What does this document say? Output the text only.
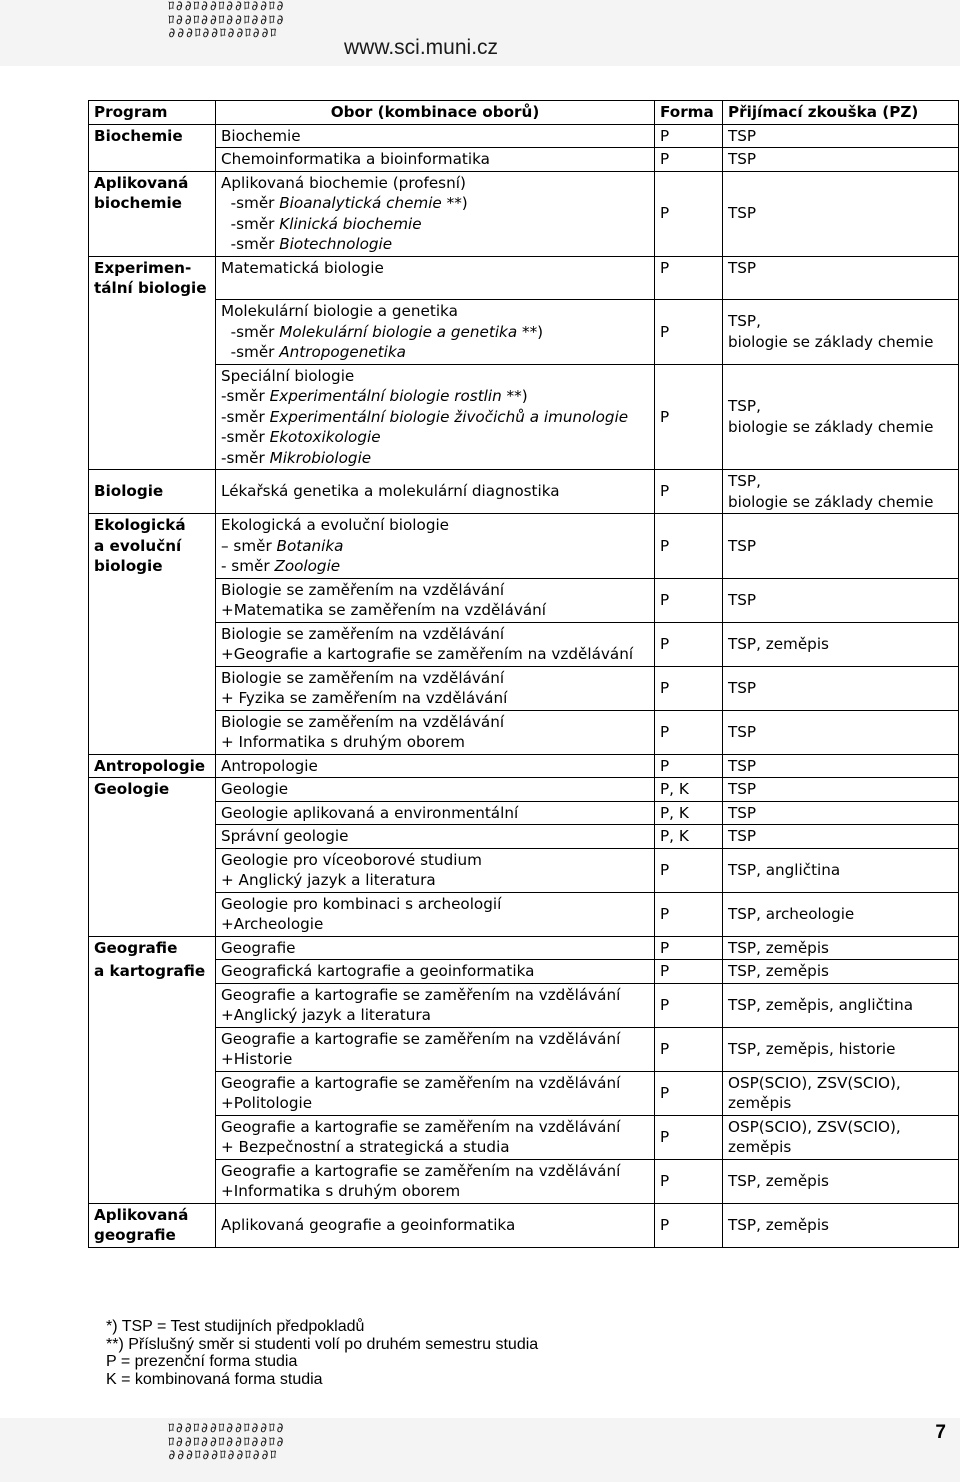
ﾛ∂∂ﾛ∂∂ﾛ∂∂ﾛ∂∂ﾛ∂
ﾛ∂∂ﾛ∂∂ﾛ∂∂ﾛ∂∂ﾛ∂
∂∂∂ﾛ∂∂ﾛ∂∂ﾛ∂∂ﾛ
www.sci.muni.cz
Program	Obor (kombinace oborů)	Forma	Přijímací zkouška (PZ)
Biochemie	Biochemie	P	TSP
	Chemoinformatika a bioinformatika	P	TSP

Aplikovaná
biochemie	Aplikovaná biochemie (profesní)
-směr Bioanalytická chemie **)
-směr Klinická biochemie
-směr Biotechnologie	P	TSP

Experimen-
tální biologie	Matematická biologie	P	TSP

	Molekulární biologie a genetika
-směr Molekulární biologie a genetika **)
-směr Antropogenetika	P	TSP,
biologie se základy chemie

	Speciální biologie
-směr Experimentální biologie rostlin **)
-směr Experimentální biologie živočichů a imunologie
-směr Ekotoxikologie
-směr Mikrobiologie	P	TSP,
biologie se základy chemie

Biologie	Lékařská genetika a molekulární diagnostika	P	TSP,
biologie se základy chemie

Ekologická
a evoluční
biologie	Ekologická a evoluční biologie
– směr Botanika
- směr Zoologie	P	TSP

	Biologie se zaměřením na vzdělávání
+Matematika se zaměřením na vzdělávání	P	TSP

	Biologie se zaměřením na vzdělávání
+Geografie a kartografie se zaměřením na vzdělávání	P	TSP, zeměpis

	Biologie se zaměřením na vzdělávání
+ Fyzika se zaměřením na vzdělávání	P	TSP

	Biologie se zaměřením na vzdělávání
+ Informatika s druhým oborem	P	TSP
Antropologie	Antropologie	P	TSP
Geologie	Geologie	P, K	TSP
	Geologie aplikovaná a environmentální	P, K	TSP
	Správní geologie	P, K	TSP

	Geologie pro víceoborové studium
+ Anglický jazyk a literatura	P	TSP, angličtina

	Geologie pro kombinaci s archeologií
+Archeologie	P	TSP, archeologie

Geografie	Geografie	P	TSP, zeměpis
a kartografie	Geografická kartografie a geoinformatika	P	TSP, zeměpis

	Geografie a kartografie se zaměřením na vzdělávání
+Anglický jazyk a literatura	P	TSP, zeměpis, angličtina

	Geografie a kartografie se zaměřením na vzdělávání
+Historie	P	TSP, zeměpis, historie

	Geografie a kartografie se zaměřením na vzdělávání
+Politologie	P	OSP(SCIO), ZSV(SCIO),
zeměpis

	Geografie a kartografie se zaměřením na vzdělávání
+ Bezpečnostní a strategická a studia	P	OSP(SCIO), ZSV(SCIO),
zeměpis

	Geografie a kartografie se zaměřením na vzdělávání
+Informatika s druhým oborem	P	TSP, zeměpis

Aplikovaná
geografie	Aplikovaná geografie a geoinformatika	P	TSP, zeměpis
*) TSP = Test studijních předpokladů
**) Příslušný směr si studenti volí po druhém semestru studia
P = prezenční forma studia
K = kombinovaná forma studia
ﾛ∂∂ﾛ∂∂ﾛ∂∂ﾛ∂∂ﾛ∂
ﾛ∂∂ﾛ∂∂ﾛ∂∂ﾛ∂∂ﾛ∂
∂∂∂ﾛ∂∂ﾛ∂∂ﾛ∂∂ﾛ
7
